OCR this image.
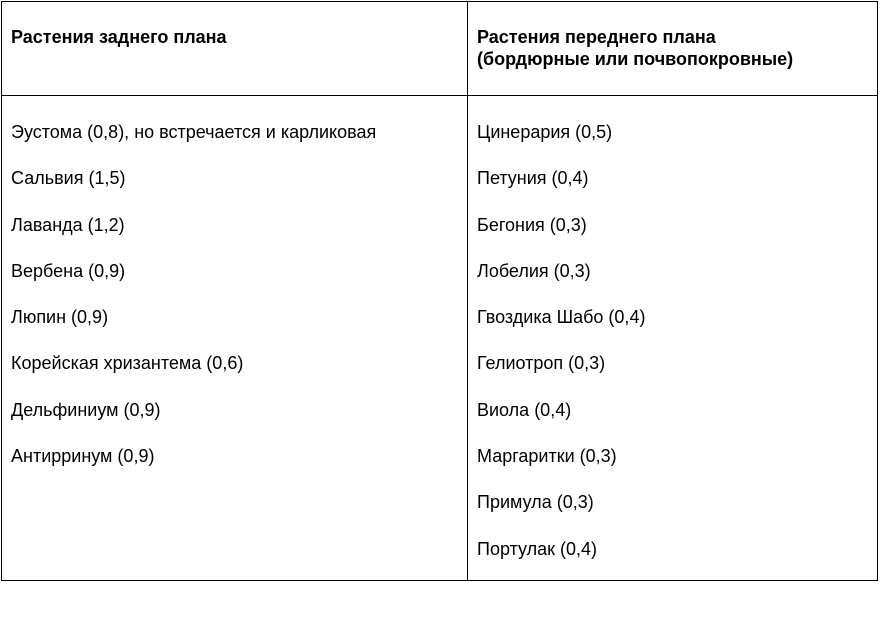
Растения заднего плана	Растения переднего плана
(бордюрные или почвопокровные)
Эустома (0,8), но встречается и карликовая
Сальвия (1,5)
Лаванда (1,2)
Вербена (0,9)
Люпин (0,9)
Корейская хризантема (0,6)
Дельфиниум (0,9)
Антирринум (0,9)
Цинерария (0,5)
Петуния (0,4)
Бегония (0,3)
Лобелия (0,3)
Гвоздика Шабо (0,4)
Гелиотроп (0,3)
Виола (0,4)
Маргаритки (0,3)
Примула (0,3)
Портулак (0,4)
